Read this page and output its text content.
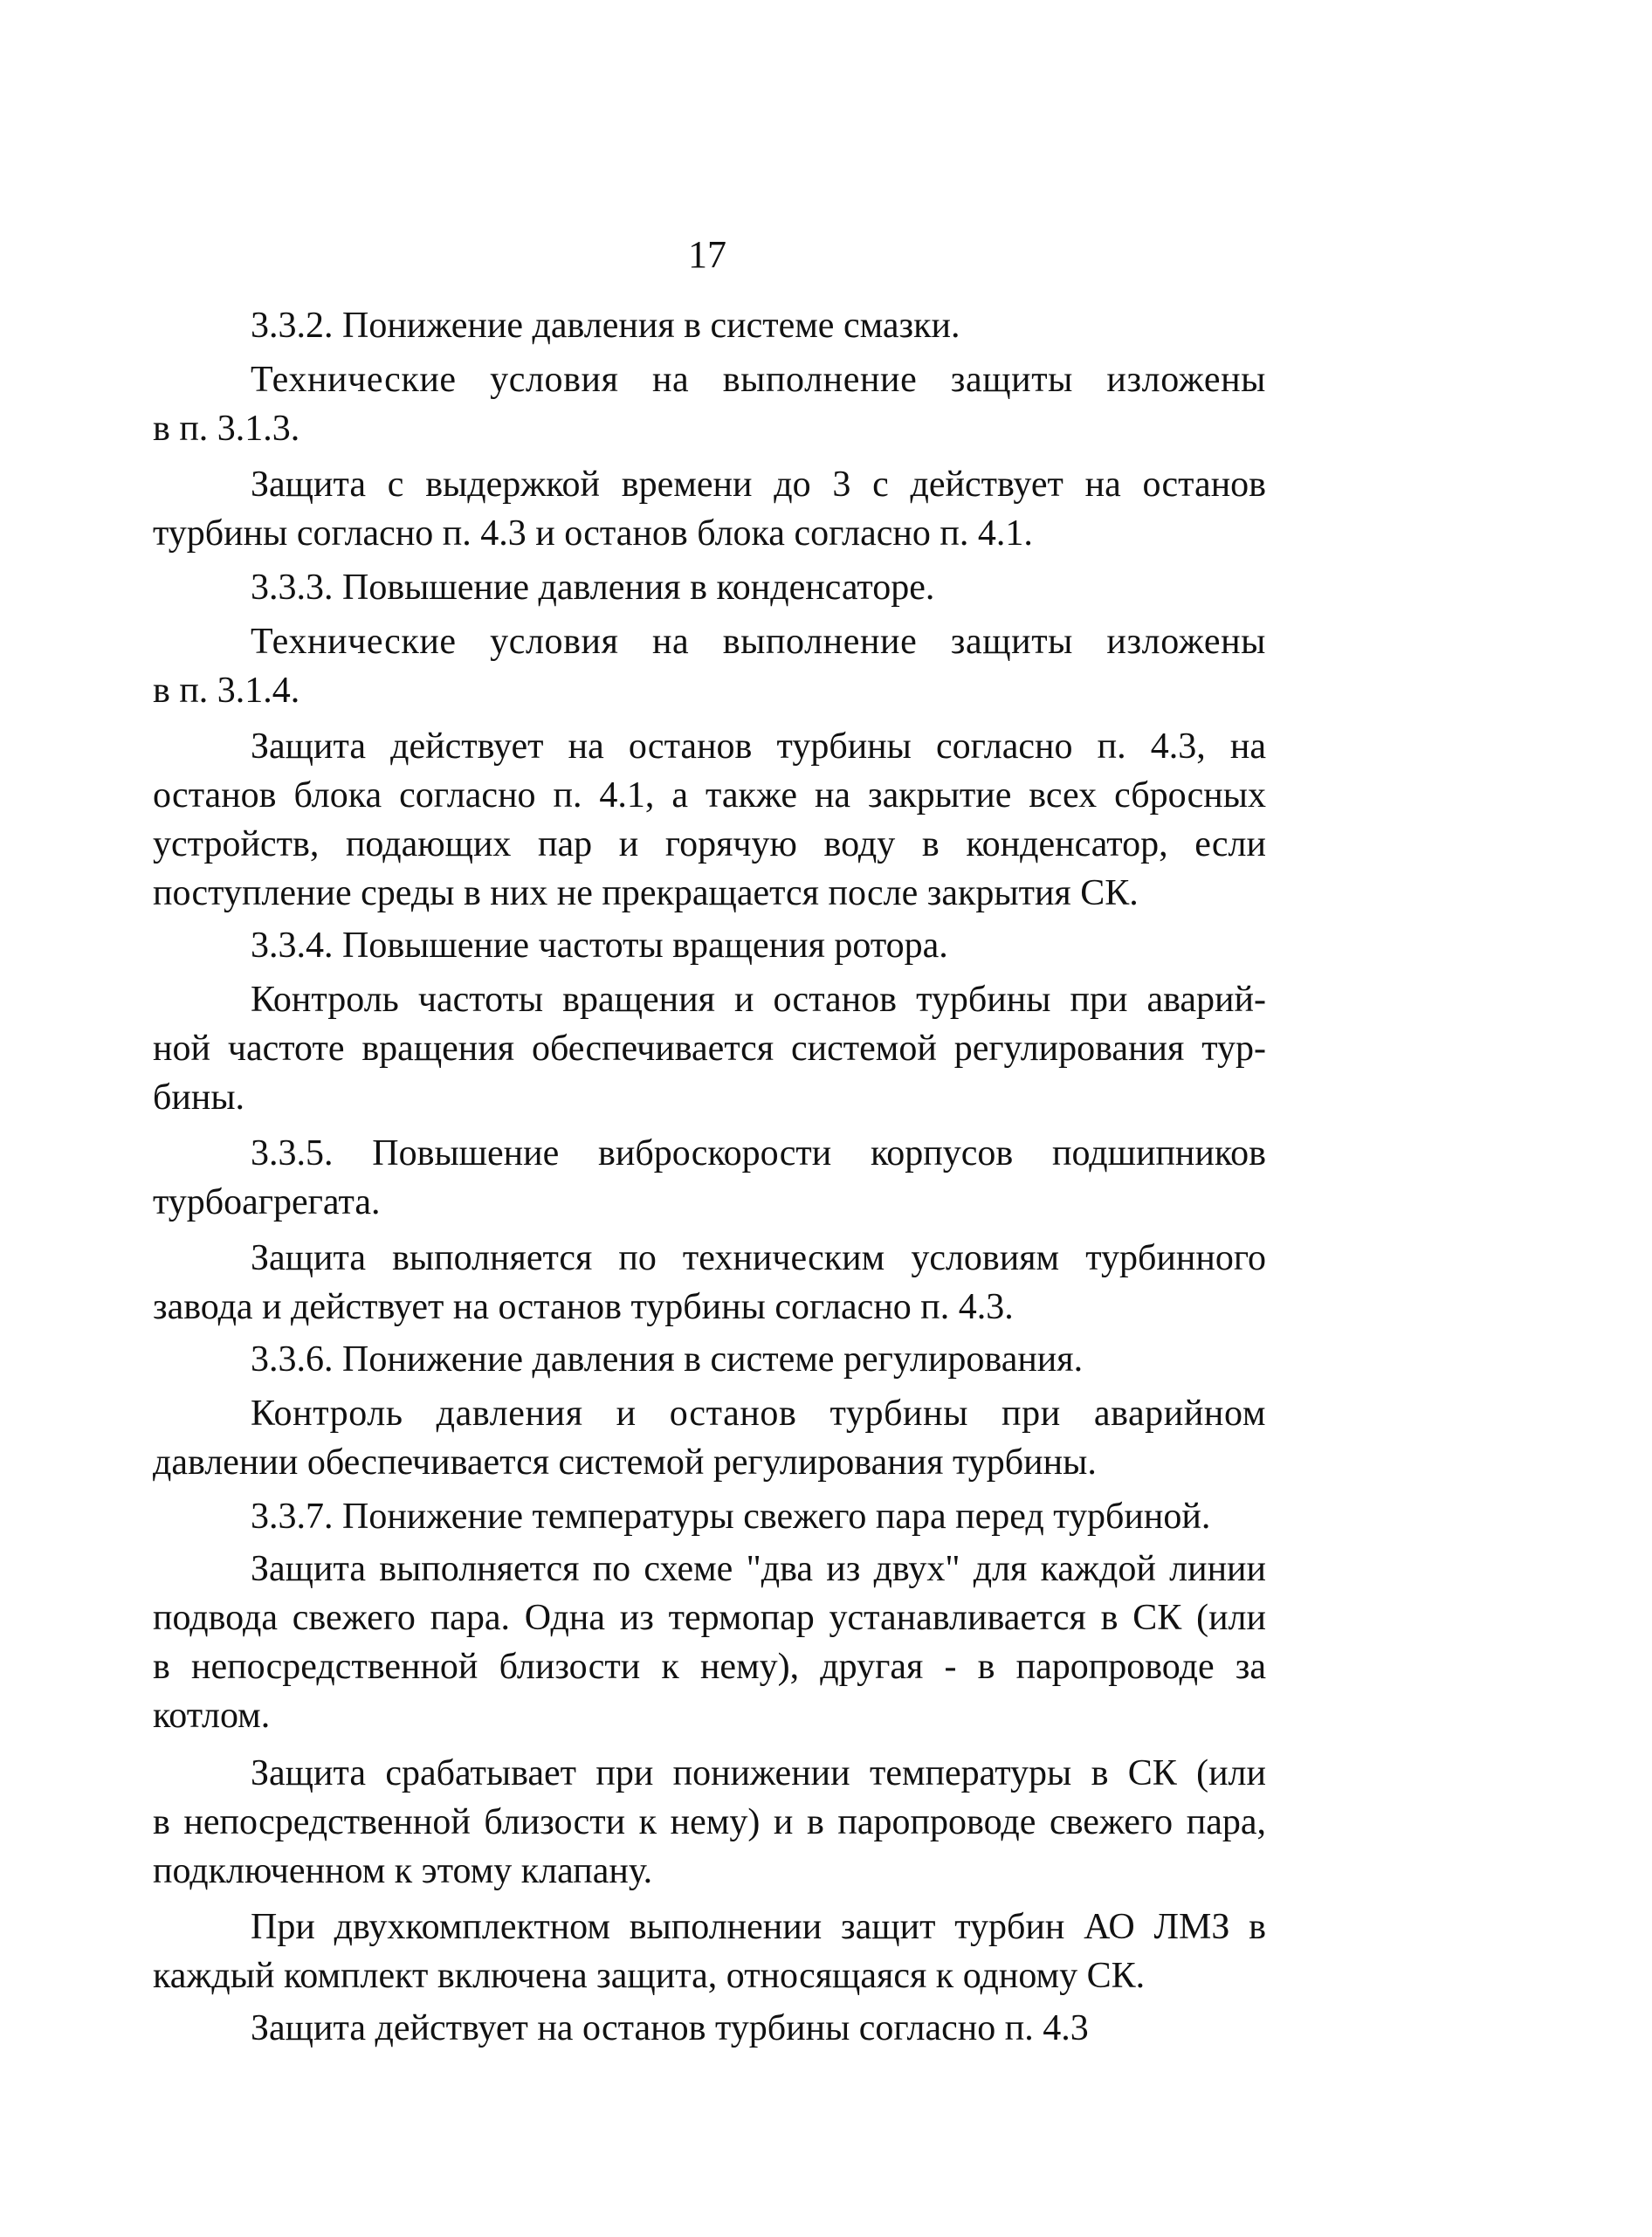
17

3.3.2. Понижение давления в системе смазки.

Технические условия на выполнение защиты изложены

в п. 3.1.3.

Защита с выдержкой времени до 3 с действует на останов

турбины согласно п. 4.3 и останов блока согласно п. 4.1.

3.3.3. Повышение давления в конденсаторе.

Технические условия на выполнение защиты изложены

в п. 3.1.4.

Защита действует на останов турбины согласно п. 4.3, на

останов блока согласно п. 4.1, а также на закрытие всех сбросных

устройств, подающих пар и горячую воду в конденсатор, если

поступление среды в них не прекращается после закрытия СК.

3.3.4. Повышение частоты вращения ротора.

Контроль частоты вращения и останов турбины при аварий-

ной частоте вращения обеспечивается системой регулирования тур-

бины.

3.3.5. Повышение виброскорости корпусов подшипников

турбоагрегата.

Защита выполняется по техническим условиям турбинного

завода и действует на останов турбины согласно п. 4.3.

3.3.6. Понижение давления в системе регулирования.

Контроль давления и останов турбины при аварийном

давлении обеспечивается системой регулирования турбины.

3.3.7. Понижение температуры свежего пара перед турбиной.

Защита выполняется по схеме "два из двух" для каждой линии

подвода свежего пара. Одна из термопар устанавливается в СК (или

в непосредственной близости к нему), другая - в паропроводе за

котлом.

Защита срабатывает при понижении температуры в СК (или

в непосредственной близости к нему) и в паропроводе свежего пара,

подключенном к этому клапану.

При двухкомплектном выполнении защит турбин АО ЛМЗ в

каждый комплект включена защита, относящаяся к одному СК.

Защита действует на останов турбины согласно п. 4.3
